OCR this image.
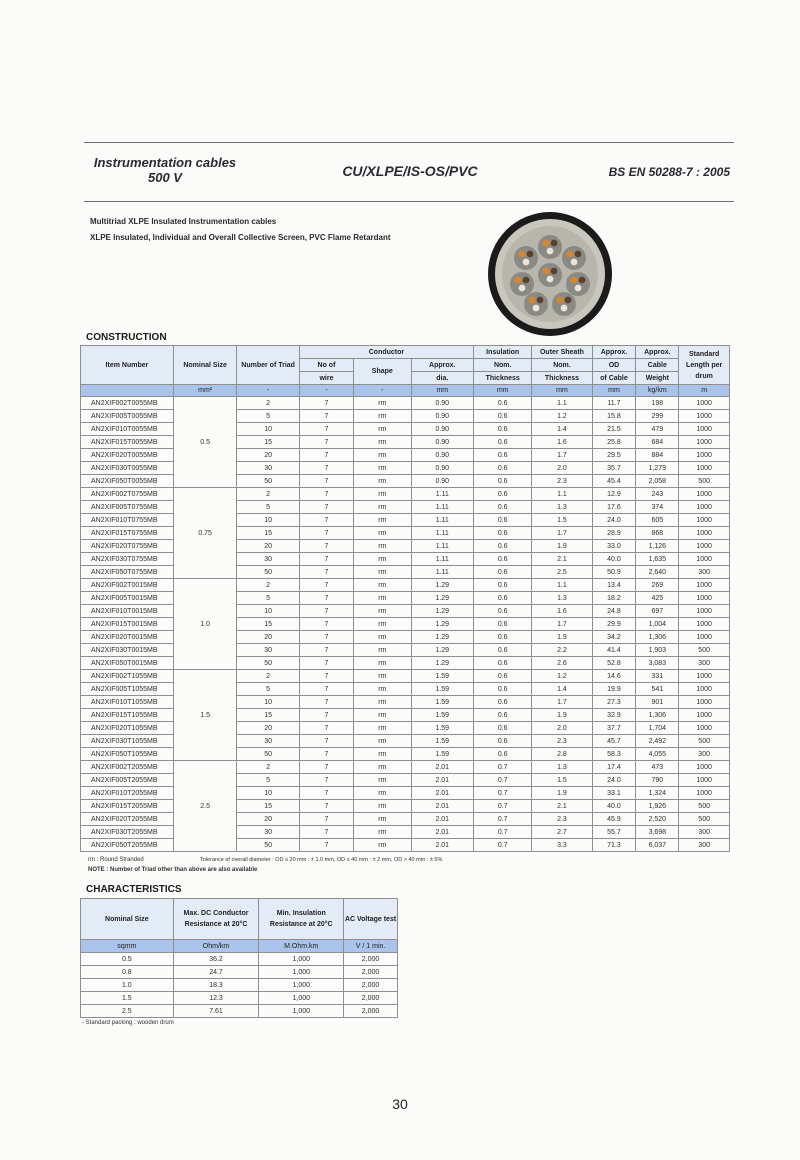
Instrumentation cables
500 V	CU/XLPE/IS-OS/PVC	BS EN 50288-7 : 2005
Multitriad XLPE Insulated Instrumentation cables
XLPE Insulated, Individual and Overall Collective Screen, PVC Flame Retardant
CONSTRUCTION
Item Number	Nominal Size	Number of Triad	Conductor			Insulation	Outer Sheath	Approx.	Approx.	Standard Length per drum
			No of	Shape	Approx.	Nom.	Nom.	OD	Cable	
			wire		dia.	Thickness	Thickness	of Cable	Weight	
	mm²	-	-	-	mm	mm	mm	mm	kg/km	m
AN2XIF002T0055MB	0.5	2	7	rm	0.90	0.6	1.1	11.7	198	1000
AN2XIF005T0055MB		5	7	rm	0.90	0.6	1.2	15.8	299	1000
AN2XIF010T0055MB		10	7	rm	0.90	0.6	1.4	21.5	479	1000
AN2XIF015T0055MB		15	7	rm	0.90	0.6	1.6	25.8	684	1000
AN2XIF020T0055MB		20	7	rm	0.90	0.6	1.7	29.5	884	1000
AN2XIF030T0055MB		30	7	rm	0.90	0.6	2.0	35.7	1,279	1000
AN2XIF050T0055MB		50	7	rm	0.90	0.6	2.3	45.4	2,058	500
AN2XIF002T0755MB	0.75	2	7	rm	1.11	0.6	1.1	12.9	243	1000
AN2XIF005T0755MB		5	7	rm	1.11	0.6	1.3	17.6	374	1000
AN2XIF010T0755MB		10	7	rm	1.11	0.6	1.5	24.0	605	1000
AN2XIF015T0755MB		15	7	rm	1.11	0.6	1.7	28.9	868	1000
AN2XIF020T0755MB		20	7	rm	1.11	0.6	1.9	33.0	1,126	1000
AN2XIF030T0755MB		30	7	rm	1.11	0.6	2.1	40.0	1,635	1000
AN2XIF050T0755MB		50	7	rm	1.11	0.6	2.5	50.9	2,640	300
AN2XIF002T0015MB	1.0	2	7	rm	1.29	0.6	1.1	13.4	269	1000
AN2XIF005T0015MB		5	7	rm	1.29	0.6	1.3	18.2	425	1000
AN2XIF010T0015MB		10	7	rm	1.29	0.6	1.6	24.8	697	1000
AN2XIF015T0015MB		15	7	rm	1.29	0.6	1.7	29.9	1,004	1000
AN2XIF020T0015MB		20	7	rm	1.29	0.6	1.9	34.2	1,306	1000
AN2XIF030T0015MB		30	7	rm	1.29	0.6	2.2	41.4	1,903	500
AN2XIF050T0015MB		50	7	rm	1.29	0.6	2.6	52.8	3,083	300
AN2XIF002T1055MB	1.5	2	7	rm	1.59	0.6	1.2	14.6	331	1000
AN2XIF005T1055MB		5	7	rm	1.59	0.6	1.4	19.9	541	1000
AN2XIF010T1055MB		10	7	rm	1.59	0.6	1.7	27.3	901	1000
AN2XIF015T1055MB		15	7	rm	1.59	0.6	1.9	32.9	1,306	1000
AN2XIF020T1055MB		20	7	rm	1.59	0.6	2.0	37.7	1,704	1000
AN2XIF030T1055MB		30	7	rm	1.59	0.6	2.3	45.7	2,492	500
AN2XIF050T1055MB		50	7	rm	1.59	0.6	2.8	58.3	4,055	300
AN2XIF002T2055MB	2.5	2	7	rm	2.01	0.7	1.3	17.4	473	1000
AN2XIF005T2055MB		5	7	rm	2.01	0.7	1.5	24.0	790	1000
AN2XIF010T2055MB		10	7	rm	2.01	0.7	1.9	33.1	1,324	1000
AN2XIF015T2055MB		15	7	rm	2.01	0.7	2.1	40.0	1,926	500
AN2XIF020T2055MB		20	7	rm	2.01	0.7	2.3	45.9	2,520	500
AN2XIF030T2055MB		30	7	rm	2.01	0.7	2.7	55.7	3,698	300
AN2XIF050T2055MB		50	7	rm	2.01	0.7	3.3	71.3	6,037	300
rm : Round Stranded	Tolerance of overall diameter : OD ≤ 20 mm : ± 1.0 mm, OD ≤ 40 mm : ± 2 mm, OD > 40 mm : ± 5%
NOTE : Number of Triad other than above are also available
CHARACTERISTICS
Nominal Size	Max. DC Conductor Resistance at 20°C	Min. Insulation Resistance at 20°C	AC Voltage test
sqmm	Ohm/km	M.Ohm.km	V / 1 min.
0.5	36.2	1,000	2,000
0.8	24.7	1,000	2,000
1.0	18.3	1,000	2,000
1.5	12.3	1,000	2,000
2.5	7.61	1,000	2,000
- Standard packing : wooden drum
30
